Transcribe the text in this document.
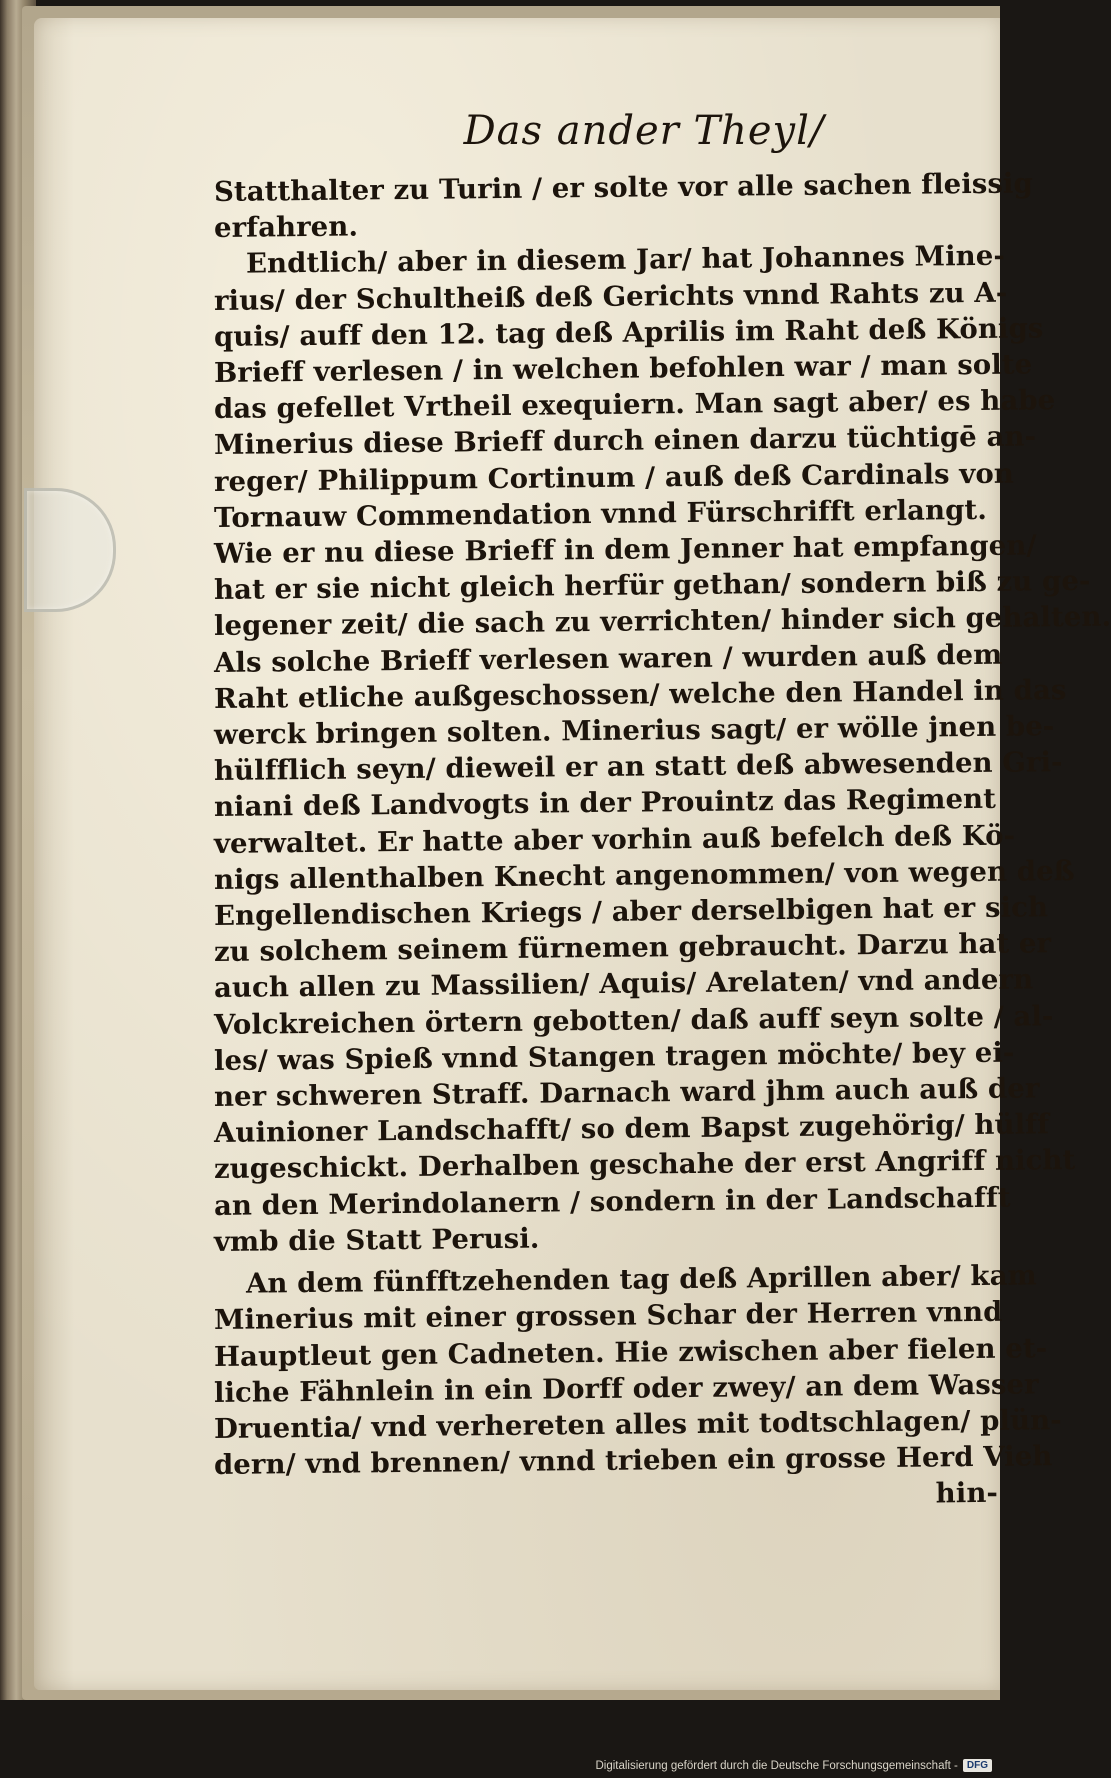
Das ander Theyl/
Statthalter zu Turin / er solte vor alle sachen fleissig
erfahren.
Endtlich/ aber in diesem Jar/ hat Johannes Mine-
rius/ der Schultheiß deß Gerichts vnnd Rahts zu A-
quis/ auff den 12. tag deß Aprilis im Raht deß Königs
Brieff verlesen / in welchen befohlen war / man solte
das gefellet Vrtheil exequiern. Man sagt aber/ es habe
Minerius diese Brieff durch einen darzu tüchtigē an-
reger/ Philippum Cortinum / auß deß Cardinals von
Tornauw Commendation vnnd Fürschrifft erlangt.
Wie er nu diese Brieff in dem Jenner hat empfangen/
hat er sie nicht gleich herfür gethan/ sondern biß zu ge-
legener zeit/ die sach zu verrichten/ hinder sich gehalten.
Als solche Brieff verlesen waren / wurden auß dem
Raht etliche außgeschossen/ welche den Handel in das
werck bringen solten. Minerius sagt/ er wölle jnen be-
hülfflich seyn/ dieweil er an statt deß abwesenden Gri-
niani deß Landvogts in der Prouintz das Regiment
verwaltet. Er hatte aber vorhin auß befelch deß Kö-
nigs allenthalben Knecht angenommen/ von wegen deß
Engellendischen Kriegs / aber derselbigen hat er sich
zu solchem seinem fürnemen gebraucht. Darzu hat er
auch allen zu Massilien/ Aquis/ Arelaten/ vnd andern
Volckreichen örtern gebotten/ daß auff seyn solte / al-
les/ was Spieß vnnd Stangen tragen möchte/ bey ei-
ner schweren Straff. Darnach ward jhm auch auß der
Auinioner Landschafft/ so dem Bapst zugehörig/ hülff
zugeschickt. Derhalben geschahe der erst Angriff nicht
an den Merindolanern / sondern in der Landschafft
vmb die Statt Perusi.
An dem fünfftzehenden tag deß Aprillen aber/ kam
Minerius mit einer grossen Schar der Herren vnnd
Hauptleut gen Cadneten. Hie zwischen aber fielen et-
liche Fähnlein in ein Dorff oder zwey/ an dem Wasser
Druentia/ vnd verhereten alles mit todtschlagen/ plün-
dern/ vnd brennen/ vnnd trieben ein grosse Herd Vieh
hin-
Digitalisierung gefördert durch die Deutsche Forschungsgemeinschaft - DFG
